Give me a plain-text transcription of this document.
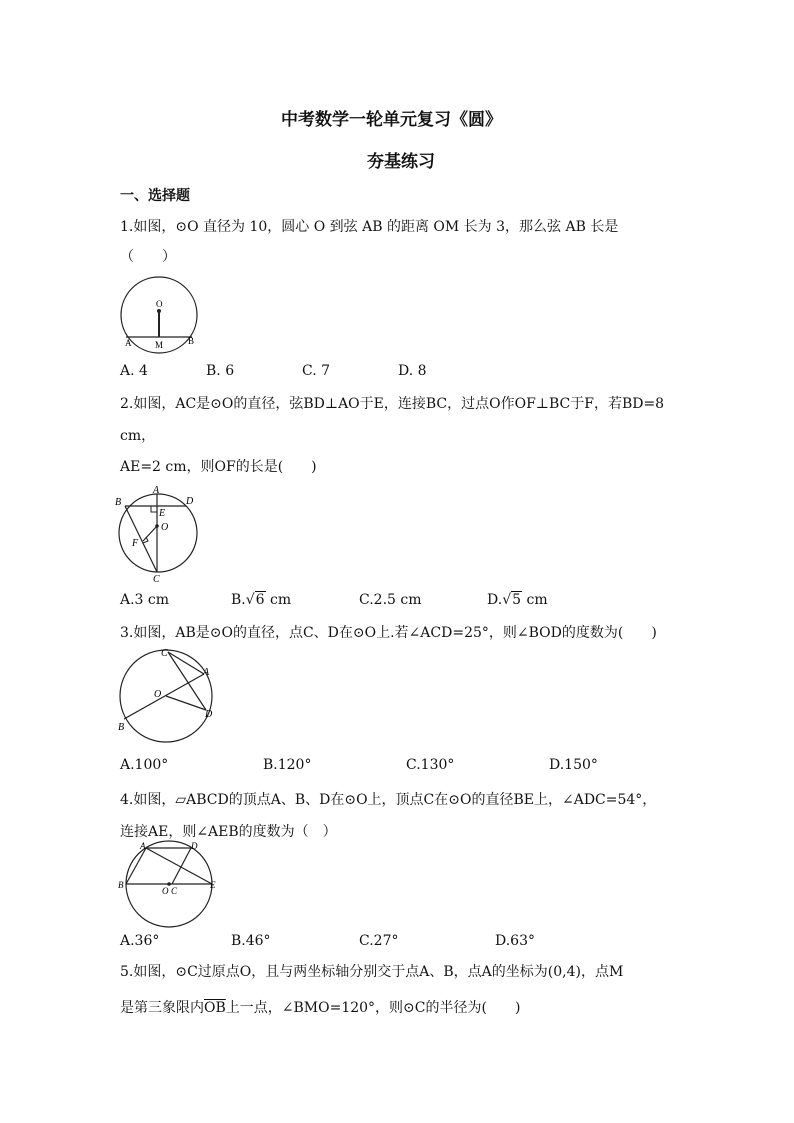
中考数学一轮单元复习《圆》
夯基练习
一、选择题
1.如图，⊙O 直径为 10，圆心 O 到弦 AB 的距离 OM 长为 3，那么弦 AB 长是
（　　）
O
A	M	B
A. 4	B. 6	C. 7	D. 8
2.如图，AC是⊙O的直径，弦BD⊥AO于E，连接BC，过点O作OF⊥BC于F，若BD=8
cm，
AE=2 cm，则OF的长是(　　)
A
B	D
E
O
F
C
A.3 cm	B.√6 cm	C.2.5 cm	D.√5 cm
3.如图，AB是⊙O的直径，点C、D在⊙O上.若∠ACD=25°，则∠BOD的度数为(　　)
C
A
O
B
D
A.100°	B.120°	C.130°	D.150°
4.如图，▱ABCD的顶点A、B、D在⊙O上，顶点C在⊙O的直径BE上，∠ADC=54°，
连接AE，则∠AEB的度数为（　）
A	D
B
O C
E
A.36°	B.46°	C.27°	D.63°
5.如图，⊙C过原点O，且与两坐标轴分别交于点A、B，点A的坐标为(0,4)，点M
是第三象限内$\overline{OB}$上一点，∠BMO=120°，则⊙C的半径为(　　)
